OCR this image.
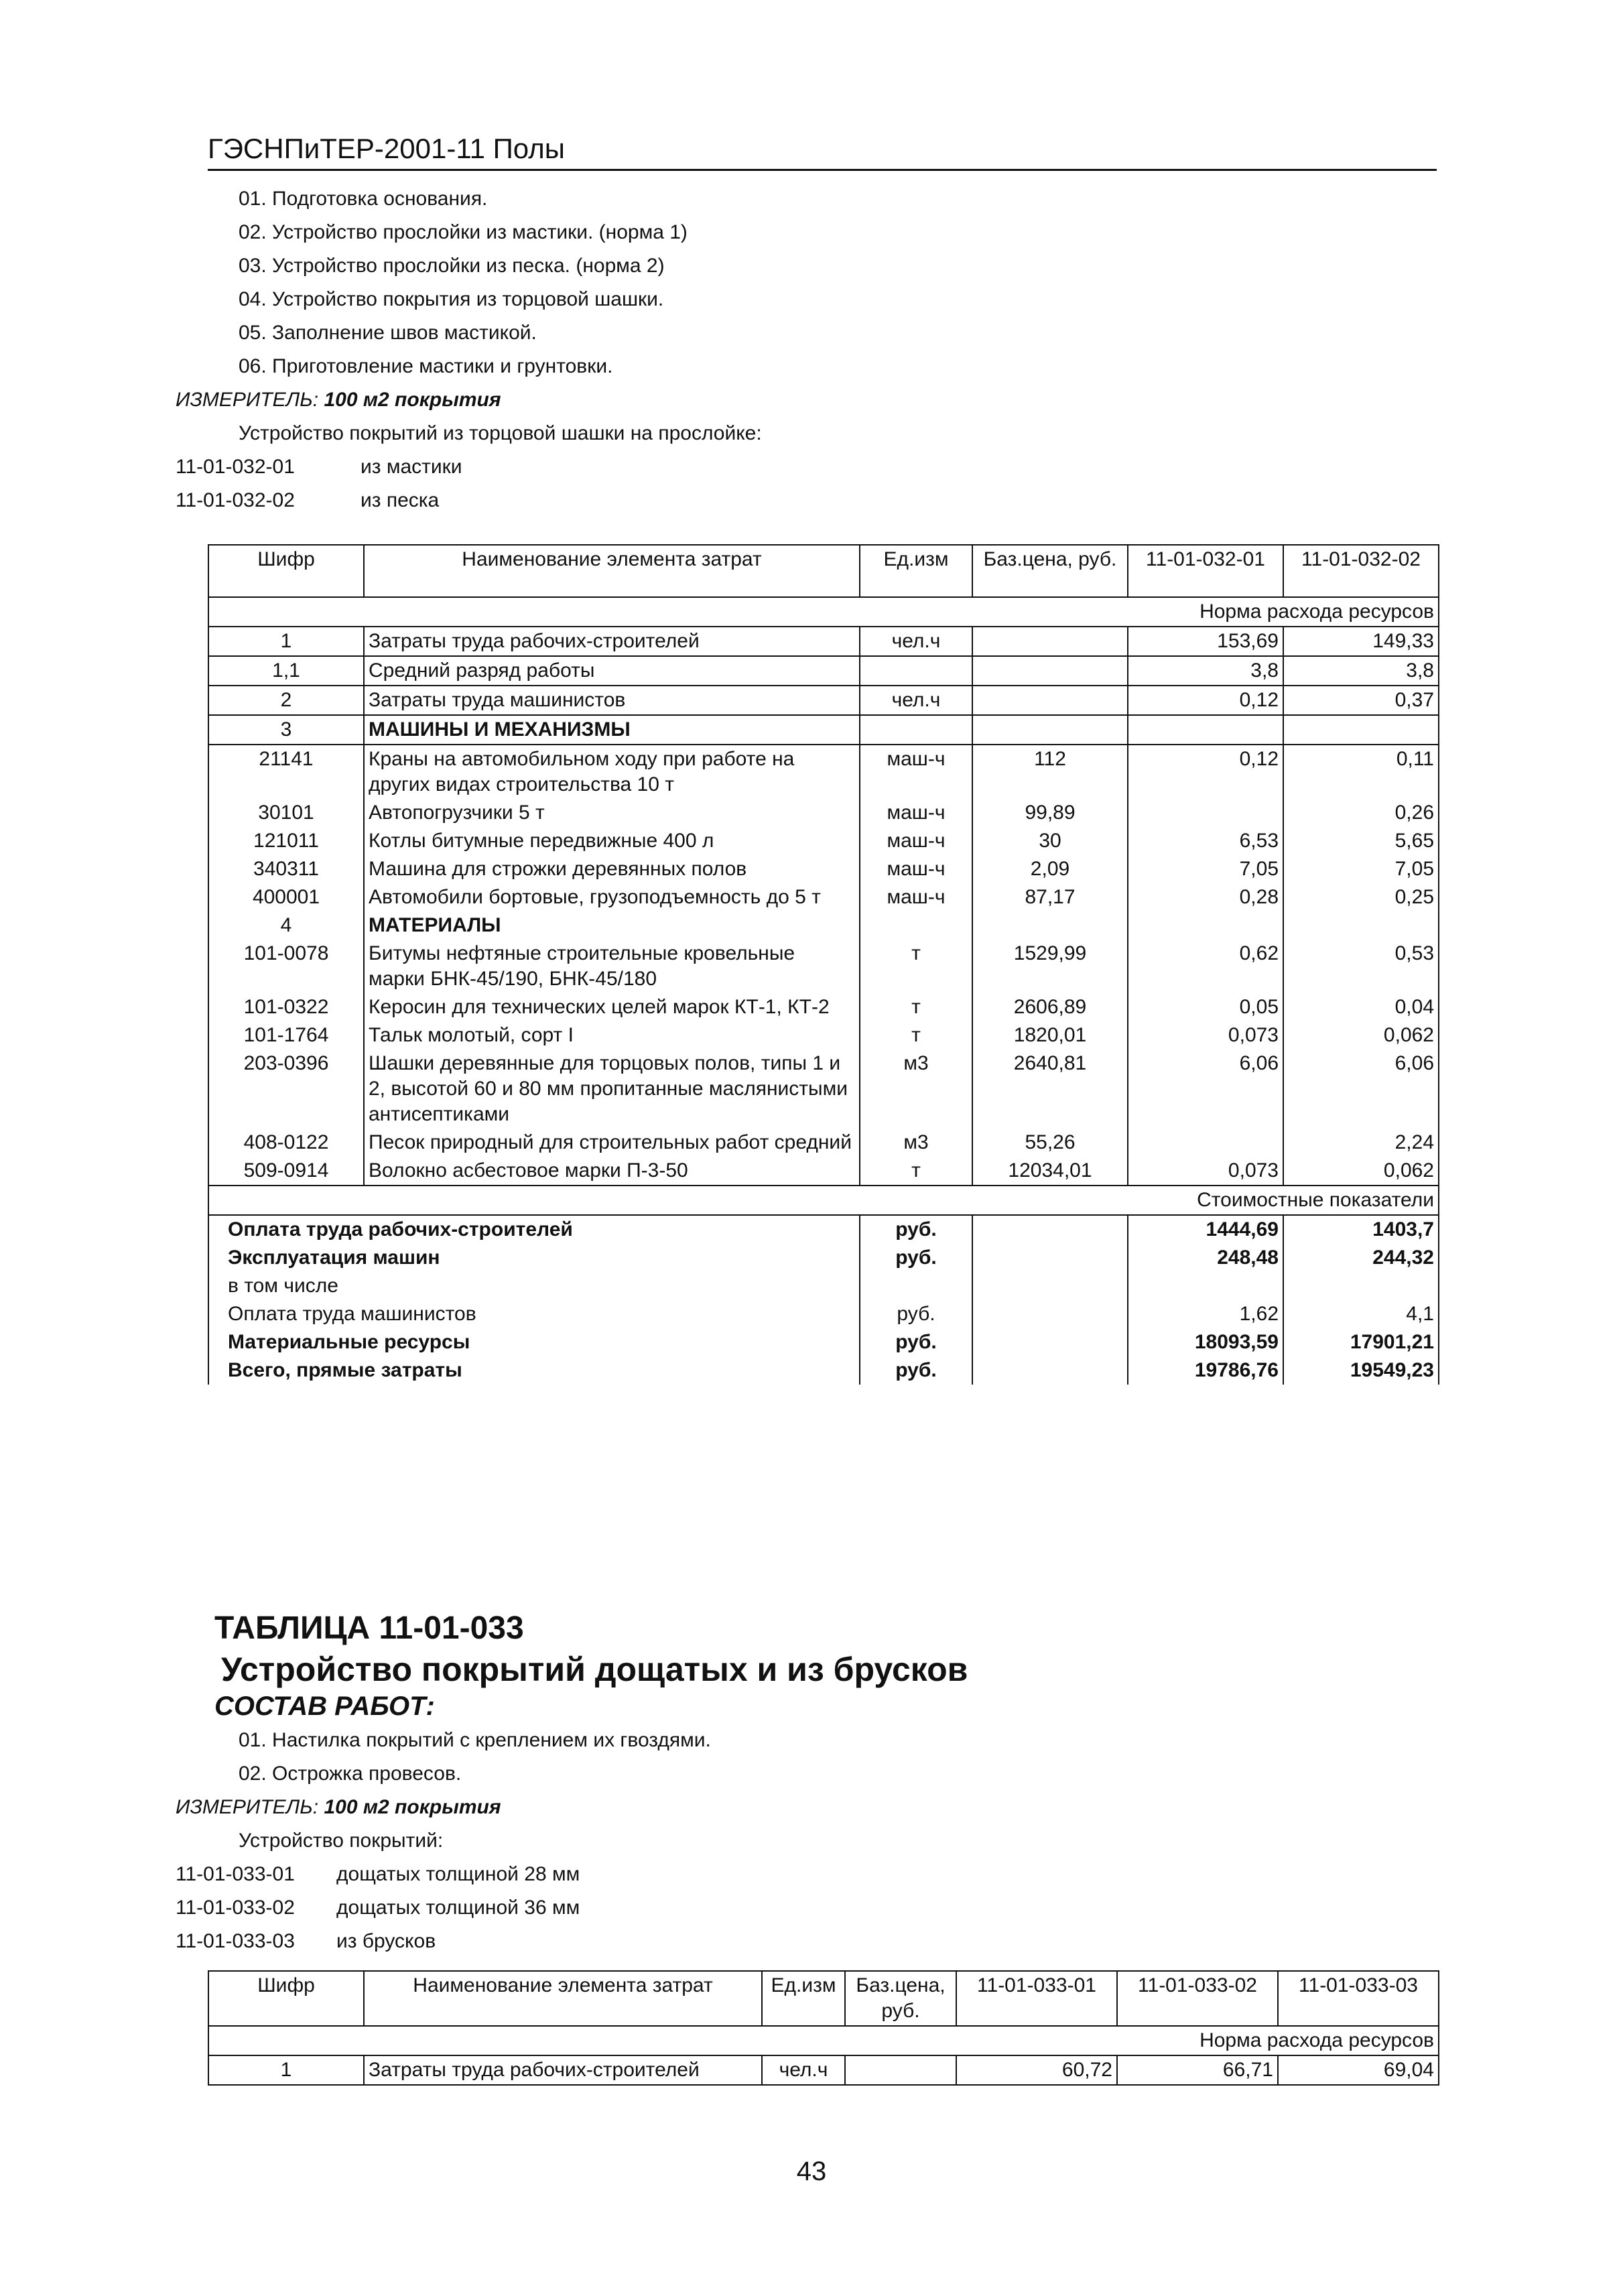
ГЭСНПиТЕР-2001-11 Полы
01. Подготовка основания.
02. Устройство прослойки из мастики. (норма 1)
03. Устройство прослойки из песка. (норма 2)
04. Устройство покрытия из торцовой шашки.
05. Заполнение швов мастикой.
06. Приготовление мастики и грунтовки.
ИЗМЕРИТЕЛЬ: 100 м2 покрытия
Устройство покрытий из торцовой шашки на прослойке:
11-01-032-01	из мастики
11-01-032-02	из песка
Шифр	Наименование элемента затрат	Ед.изм	Баз.цена, руб.	11-01-032-01	11-01-032-02
Норма расхода ресурсов					
1	Затраты труда рабочих-строителей	чел.ч		153,69	149,33
1,1	Средний разряд работы			3,8	3,8
2	Затраты труда машинистов	чел.ч		0,12	0,37
3	МАШИНЫ И МЕХАНИЗМЫ				
21141	Краны на автомобильном ходу при работе на других видах строительства 10 т	маш-ч	112	0,12	0,11
30101	Автопогрузчики 5 т	маш-ч	99,89		0,26
121011	Котлы битумные передвижные 400 л	маш-ч	30	6,53	5,65
340311	Машина для строжки деревянных полов	маш-ч	2,09	7,05	7,05
400001	Автомобили бортовые, грузоподъемность до 5 т	маш-ч	87,17	0,28	0,25
4	МАТЕРИАЛЫ				
101-0078	Битумы нефтяные строительные кровельные марки БНК-45/190, БНК-45/180	т	1529,99	0,62	0,53
101-0322	Керосин для технических целей марок КТ-1, КТ-2	т	2606,89	0,05	0,04
101-1764	Тальк молотый, сорт I	т	1820,01	0,073	0,062
203-0396	Шашки деревянные для торцовых полов, типы 1 и 2, высотой 60 и 80 мм пропитанные маслянистыми антисептиками	м3	2640,81	6,06	6,06
408-0122	Песок природный для строительных работ средний	м3	55,26		2,24
509-0914	Волокно асбестовое марки П-3-50	т	12034,01	0,073	0,062
Стоимостные показатели					
Оплата труда рабочих-строителей		руб.		1444,69	1403,7
Эксплуатация машин		руб.		248,48	244,32
в том числе					
Оплата труда машинистов		руб.		1,62	4,1
Материальные ресурсы		руб.		18093,59	17901,21
Всего, прямые затраты		руб.		19786,76	19549,23
ТАБЛИЦА 11-01-033
Устройство покрытий дощатых и из брусков
СОСТАВ РАБОТ:
01. Настилка покрытий с креплением их гвоздями.
02. Острожка провесов.
ИЗМЕРИТЕЛЬ: 100 м2 покрытия
Устройство покрытий:
11-01-033-01	дощатых толщиной 28 мм
11-01-033-02	дощатых толщиной 36 мм
11-01-033-03	из брусков
Шифр	Наименование элемента затрат	Ед.изм	Баз.цена, руб.	11-01-033-01	11-01-033-02	11-01-033-03
Норма расхода ресурсов						
1	Затраты труда рабочих-строителей	чел.ч		60,72	66,71	69,04
43
